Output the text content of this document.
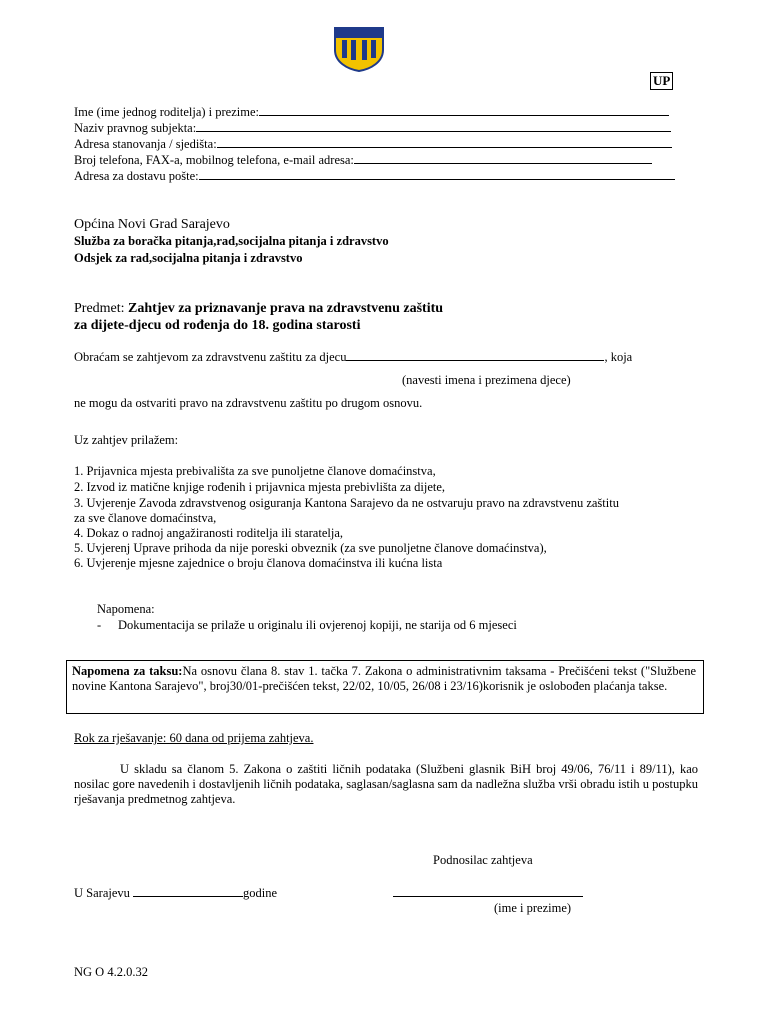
UP
Ime (ime jednog roditelja) i prezime:
Naziv pravnog subjekta:
Adresa stanovanja / sjedišta:
Broj telefona, FAX-a, mobilnog telefona, e-mail adresa:
Adresa za dostavu pošte:
Općina Novi Grad Sarajevo
Služba za boračka pitanja,rad,socijalna pitanja i zdravstvo
Odsjek za rad,socijalna pitanja i zdravstvo
Predmet: Zahtjev za priznavanje prava na zdravstvenu zaštitu
za dijete-djecu od rođenja do 18. godina starosti
Obraćam se zahtjevom za zdravstvenu zaštitu za djecu	, koja
(navesti imena i prezimena djece)
ne mogu da ostvariti pravo na zdravstvenu zaštitu po drugom osnovu.
Uz zahtjev prilažem:
1. Prijavnica mjesta prebivališta za sve punoljetne članove domaćinstva,
2. Izvod iz matične knjige rođenih i prijavnica mjesta prebivlišta za dijete,
3. Uvjerenje Zavoda zdravstvenog osiguranja Kantona Sarajevo da ne ostvaruju pravo na zdravstvenu zaštitu
za sve članove domaćinstva,
4. Dokaz o radnoj angažiranosti roditelja ili staratelja,
5. Uvjerenj Uprave prihoda da nije poreski obveznik (za sve punoljetne članove domaćinstva),
6. Uvjerenje mjesne zajednice o broju članova domaćinstva ili kućna lista
Napomena:
- Dokumentacija se prilaže u originalu ili ovjerenoj kopiji, ne starija od 6 mjeseci
Napomena za taksu:Na osnovu člana 8. stav 1. tačka 7. Zakona o administrativnim taksama - Prečišćeni tekst ("Službene novine Kantona Sarajevo", broj30/01-prečišćen tekst, 22/02, 10/05, 26/08 i 23/16)korisnik je oslobođen plaćanja takse.
Rok za rješavanje: 60 dana od prijema zahtjeva.
U skladu sa članom 5. Zakona o zaštiti ličnih podataka (Službeni glasnik BiH broj 49/06, 76/11 i 89/11), kao nosilac gore navedenih i dostavljenih ličnih podataka, saglasan/saglasna sam da nadležna služba vrši obradu istih u postupku rješavanja predmetnog zahtjeva.
Podnosilac zahtjeva
U Sarajevu	godine
(ime i prezime)
NG O 4.2.0.32
